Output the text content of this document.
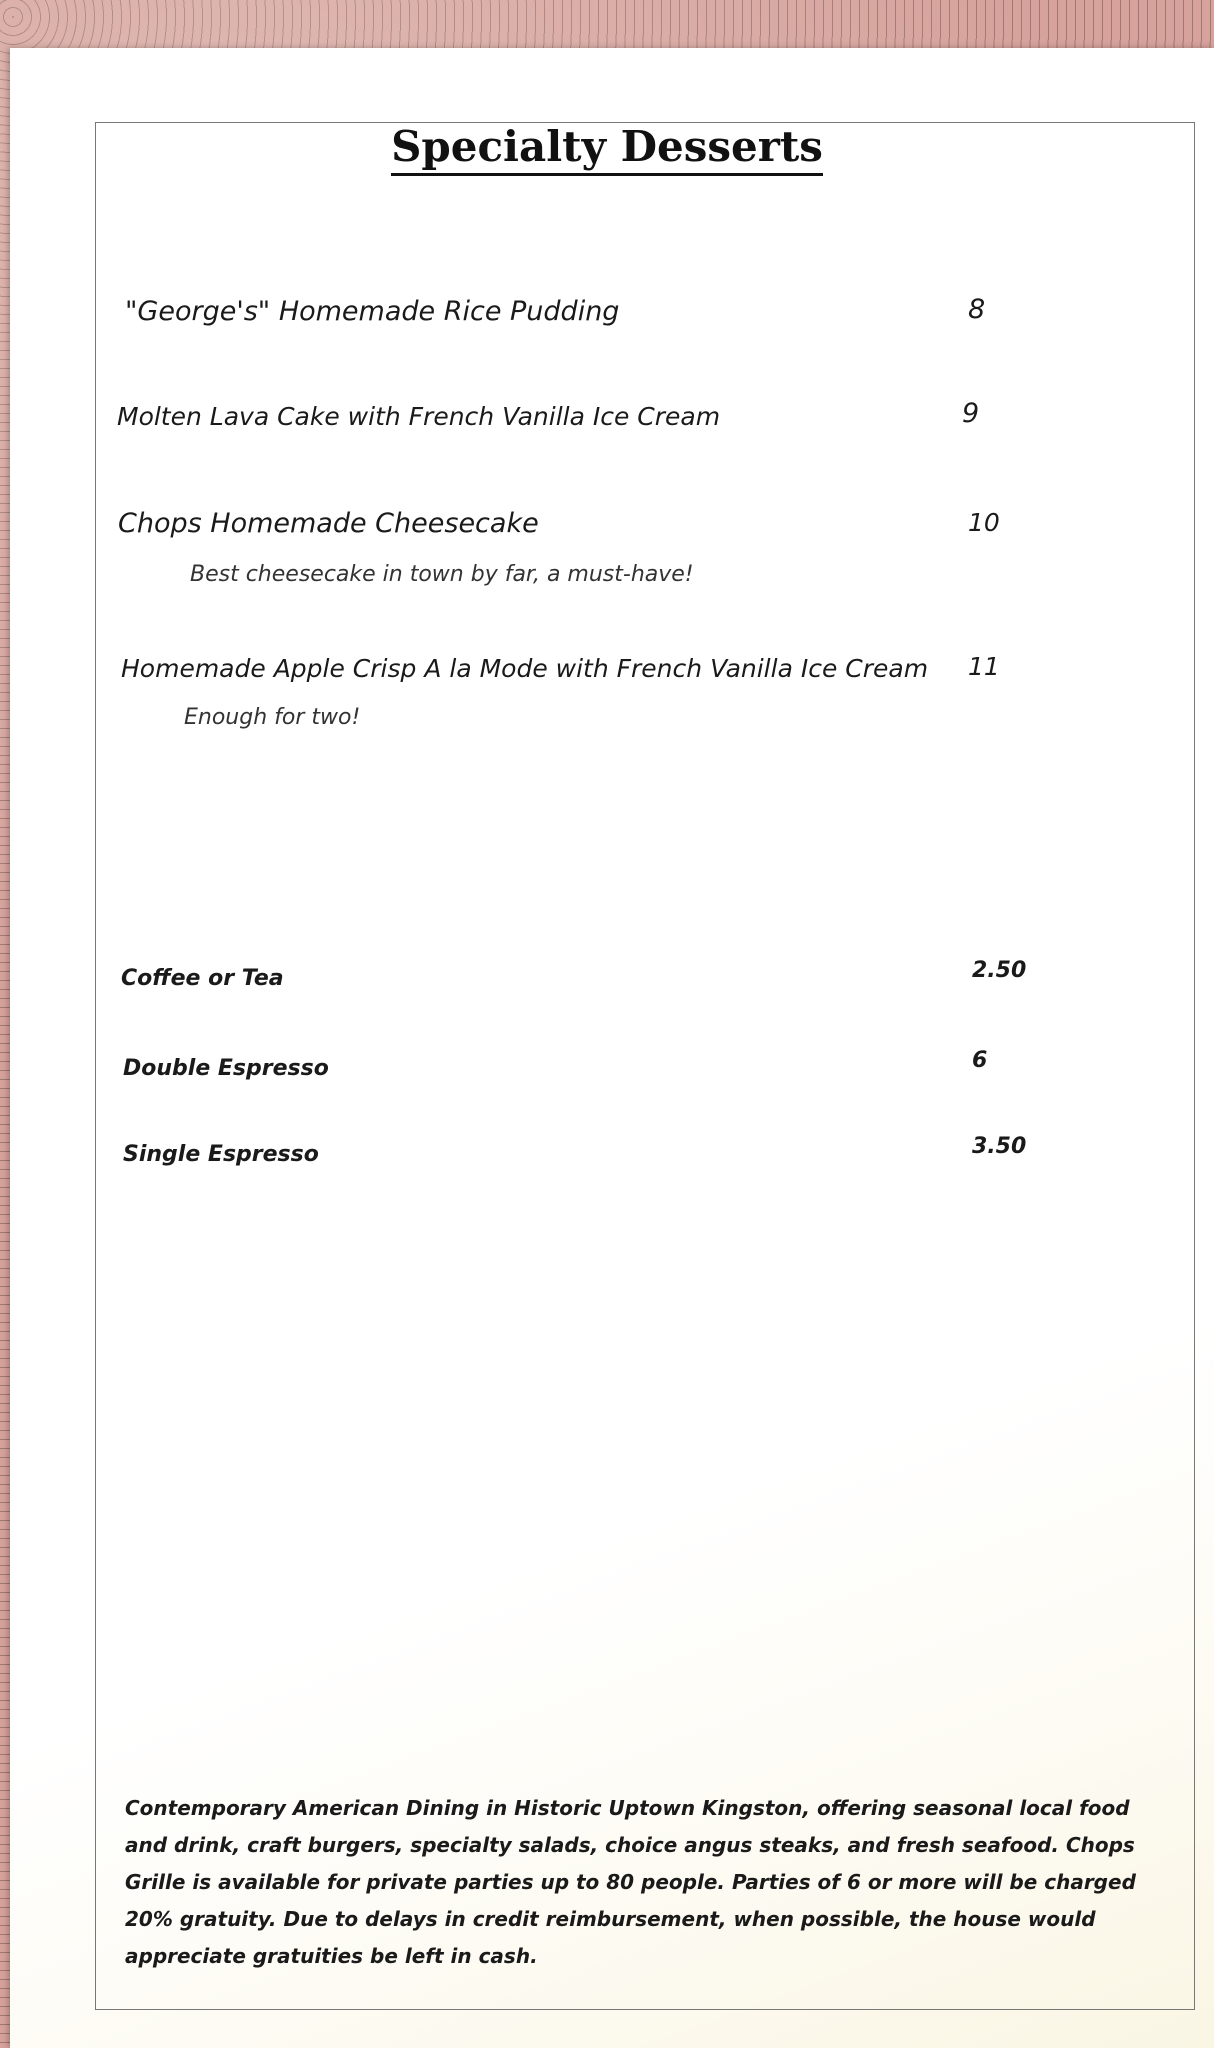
Specialty Desserts
"George's" Homemade Rice Pudding	8
Molten Lava Cake with French Vanilla Ice Cream	9
Chops Homemade Cheesecake	10
Best cheesecake in town by far, a must-have!
Homemade Apple Crisp A la Mode with French Vanilla Ice Cream 11
Enough for two!
Coffee or Tea	2.50
Double Espresso	6
Single Espresso	3.50
Contemporary American Dining in Historic Uptown Kingston, offering seasonal local food and drink, craft burgers, specialty salads, choice angus steaks, and fresh seafood. Chops Grille is available for private parties up to 80 people. Parties of 6 or more will be charged 20% gratuity. Due to delays in credit reimbursement, when possible, the house would appreciate gratuities be left in cash.
